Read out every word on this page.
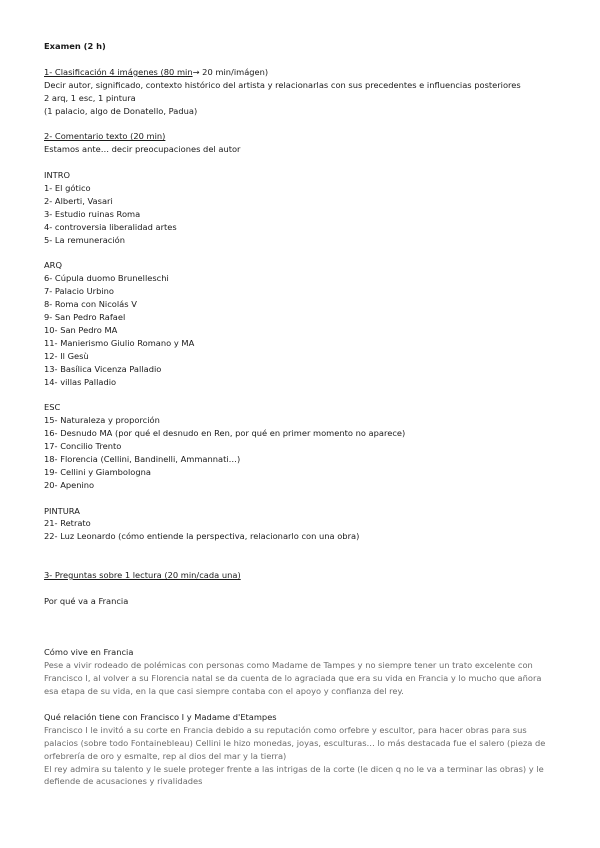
Examen (2 h)
1- Clasificación 4 imágenes (80 min→ 20 min/imágen)
Decir autor, significado, contexto histórico del artista y relacionarlas con sus precedentes e influencias posteriores
2 arq, 1 esc, 1 pintura
(1 palacio, algo de Donatello, Padua)
2- Comentario texto (20 min)
Estamos ante… decir preocupaciones del autor
INTRO
1- El gótico
2- Alberti, Vasari
3- Estudio ruinas Roma
4- controversia liberalidad artes
5- La remuneración
ARQ
6- Cúpula duomo Brunelleschi
7- Palacio Urbino
8- Roma con Nicolás V
9- San Pedro Rafael
10- San Pedro MA
11- Manierismo Giulio Romano y MA
12- Il Gesù
13- Basílica Vicenza Palladio
14- villas Palladio
ESC
15- Naturaleza y proporción
16- Desnudo MA (por qué el desnudo en Ren, por qué en primer momento no aparece)
17- Concilio Trento
18- Florencia (Cellini, Bandinelli, Ammannati…)
19- Cellini y Giambologna
20- Apenino
PINTURA
21- Retrato
22- Luz Leonardo (cómo entiende la perspectiva, relacionarlo con una obra)
3- Preguntas sobre 1 lectura (20 min/cada una)
Por qué va a Francia
Cómo vive en Francia
Pese a vivir rodeado de polémicas con personas como Madame de Tampes y no siempre tener un trato excelente con Francisco I, al volver a su Florencia natal se da cuenta de lo agraciada que era su vida en Francia y lo mucho que añora esa etapa de su vida, en la que casi siempre contaba con el apoyo y confianza del rey.
Qué relación tiene con Francisco I y Madame d'Etampes
Francisco I le invitó a su corte en Francia debido a su reputación como orfebre y escultor, para hacer obras para sus palacios (sobre todo Fontainebleau) Cellini le hizo monedas, joyas, esculturas… lo más destacada fue el salero (pieza de orfebrería de oro y esmalte, rep al dios del mar y la tierra)
El rey admira su talento y le suele proteger frente a las intrigas de la corte (le dicen q no le va a terminar las obras) y le defiende de acusaciones y rivalidades
